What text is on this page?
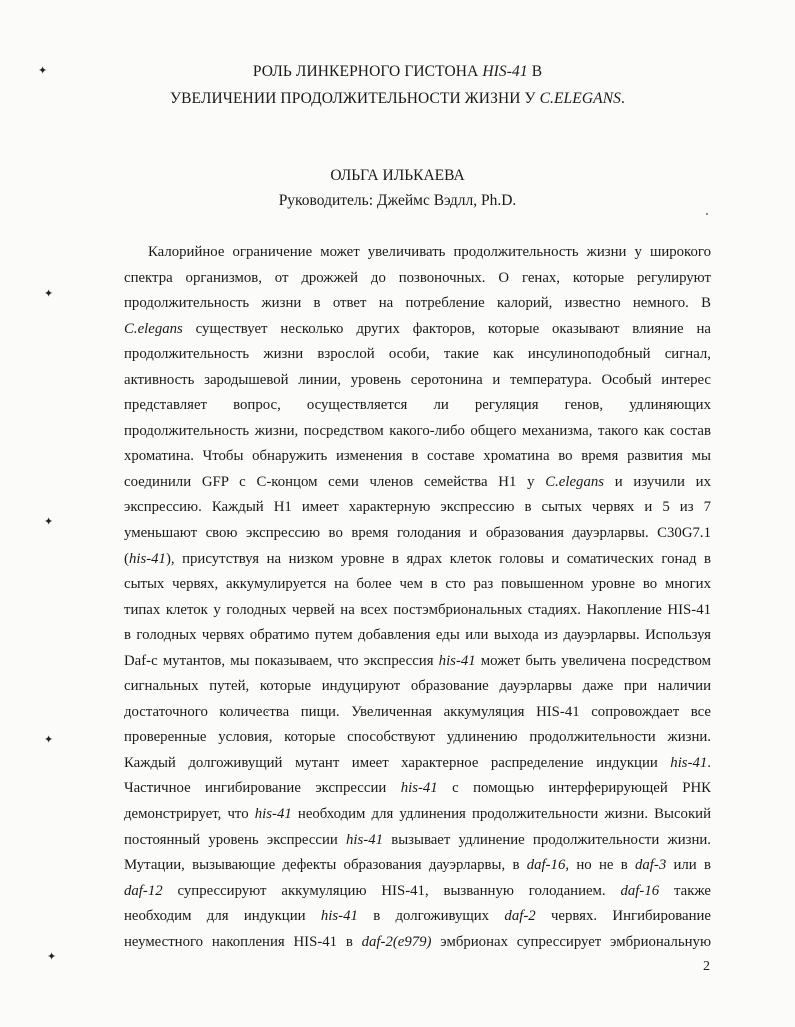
✦
✦
✦
✦
✦
РОЛЬ ЛИНКЕРНОГО ГИСТОНА HIS-41 В
УВЕЛИЧЕНИИ ПРОДОЛЖИТЕЛЬНОСТИ ЖИЗНИ У C.ELEGANS.
ОЛЬГА ИЛЬКАЕВА
Руководитель: Джеймс Вэдлл, Ph.D.
Калорийное ограничение может увеличивать продолжительность жизни у широкого
спектра организмов, от дрожжей до позвоночных. О генах, которые регулируют
продолжительность жизни в ответ на потребление калорий, известно немного. В
C.elegans существует несколько других факторов, которые оказывают влияние на
продолжительность жизни взрослой особи, такие как инсулиноподобный сигнал,
активность зародышевой линии, уровень серотонина и температура. Особый интерес
представляет вопрос, осуществляется ли регуляция генов, удлиняющих
продолжительность жизни, посредством какого-либо общего механизма, такого как состав
хроматина. Чтобы обнаружить изменения в составе хроматина во время развития мы
соединили GFP с С-концом семи членов семейства H1 у C.elegans и изучили их
экспрессию. Каждый H1 имеет характерную экспрессию в сытых червях и 5 из 7
уменьшают свою экспрессию во время голодания и образования дауэрларвы. C30G7.1
(his-41), присутствуя на низком уровне в ядрах клеток головы и соматических гонад в
сытых червях, аккумулируется на более чем в сто раз повышенном уровне во многих
типах клеток у голодных червей на всех постэмбриональных стадиях. Накопление HIS-41
в голодных червях обратимо путем добавления еды или выхода из дауэрларвы. Используя
Daf-c мутантов, мы показываем, что экспрессия his-41 может быть увеличена посредством
сигнальных путей, которые индуцируют образование дауэрларвы даже при наличии
достаточного количества пищи. Увеличенная аккумуляция HIS-41 сопровождает все
проверенные условия, которые способствуют удлинению продолжительности жизни.
Каждый долгоживущий мутант имеет характерное распределение индукции his-41.
Частичное ингибирование экспрессии his-41 с помощью интерферирующей РНК
демонстрирует, что his-41 необходим для удлинения продолжительности жизни. Высокий
постоянный уровень экспрессии his-41 вызывает удлинение продолжительности жизни.
Мутации, вызывающие дефекты образования дауэрларвы, в daf-16, но не в daf-3 или в
daf-12 супрессируют аккумуляцию HIS-41, вызванную голоданием. daf-16 также
необходим для индукции his-41 в долгоживущих daf-2 червях. Ингибирование
неуместного накопления HIS-41 в daf-2(e979) эмбрионах супрессирует эмбриональную
2
